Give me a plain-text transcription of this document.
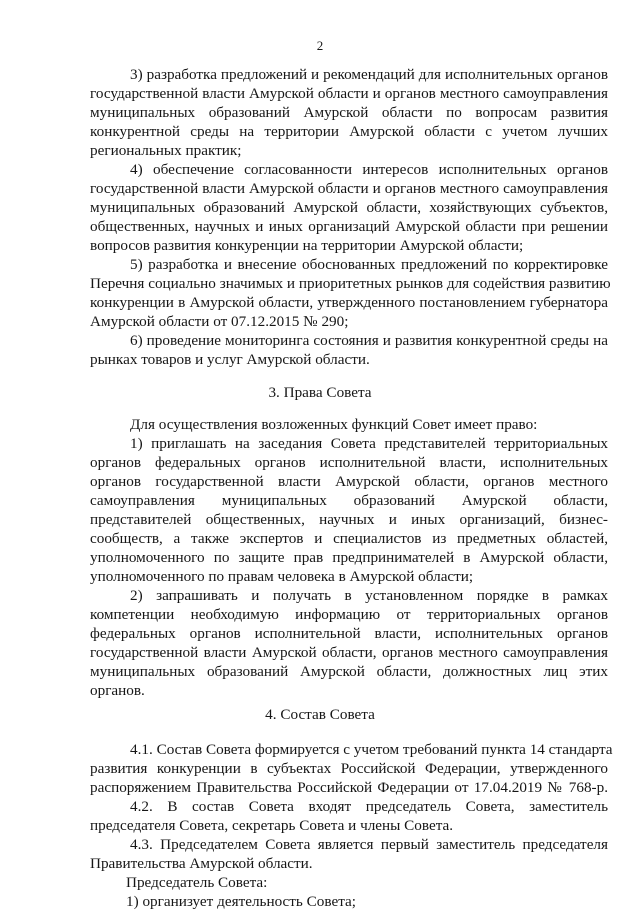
2
3) разработка предложений и рекомендаций для исполнительных органов
государственной власти Амурской области и органов местного самоуправления
муниципальных образований Амурской области по вопросам развития
конкурентной среды на территории Амурской области с учетом лучших
региональных практик;
4) обеспечение согласованности интересов исполнительных органов
государственной власти Амурской области и органов местного самоуправления
муниципальных образований Амурской области, хозяйствующих субъектов,
общественных, научных и иных организаций Амурской области при решении
вопросов развития конкуренции на территории Амурской области;
5) разработка и внесение обоснованных предложений по корректировке
Перечня социально значимых и приоритетных рынков для содействия развитию
конкуренции в Амурской области, утвержденного постановлением губернатора
Амурской области от 07.12.2015 № 290;
6) проведение мониторинга состояния и развития конкурентной среды на
рынках товаров и услуг Амурской области.
3. Права Совета
Для осуществления возложенных функций Совет имеет право:
1) приглашать на заседания Совета представителей территориальных
органов федеральных органов исполнительной власти, исполнительных
органов государственной власти Амурской области, органов местного
самоуправления муниципальных образований Амурской области,
представителей общественных, научных и иных организаций, бизнес-
сообществ, а также экспертов и специалистов из предметных областей,
уполномоченного по защите прав предпринимателей в Амурской области,
уполномоченного по правам человека в Амурской области;
2) запрашивать и получать в установленном порядке в рамках
компетенции необходимую информацию от территориальных органов
федеральных органов исполнительной власти, исполнительных органов
государственной власти Амурской области, органов местного самоуправления
муниципальных образований Амурской области, должностных лиц этих
органов.
4. Состав Совета
4.1. Состав Совета формируется с учетом требований пункта 14 стандарта
развития конкуренции в субъектах Российской Федерации, утвержденного
распоряжением Правительства Российской Федерации от 17.04.2019 № 768-р.
4.2. В состав Совета входят председатель Совета, заместитель
председателя Совета, секретарь Совета и члены Совета.
4.3. Председателем Совета является первый заместитель председателя
Правительства Амурской области.
Председатель Совета:
1) организует деятельность Совета;
